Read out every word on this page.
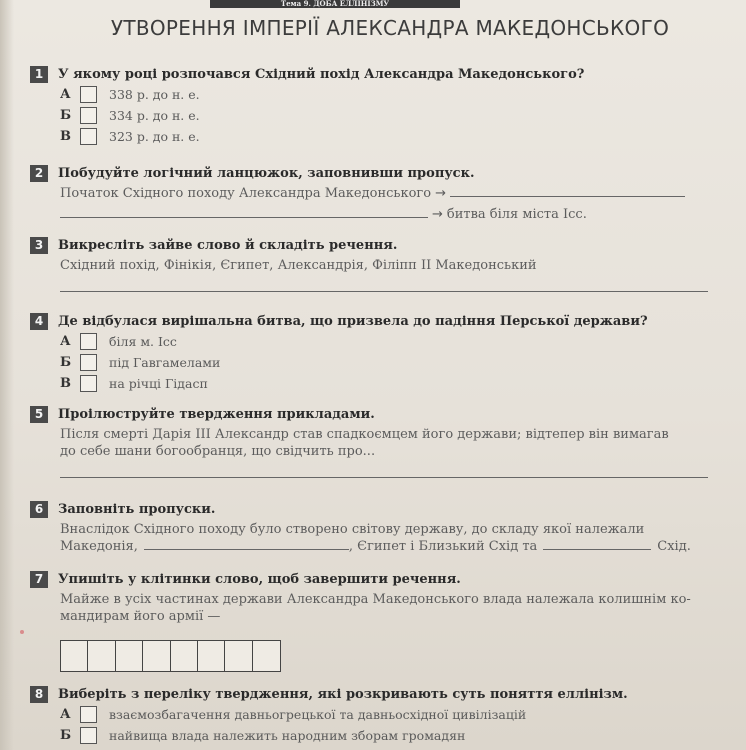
Тема 9. ДОБА ЕЛЛІНІЗМУ
УТВОРЕННЯ ІМПЕРІЇ АЛЕКСАНДРА МАКЕДОНСЬКОГО
1	У якому році розпочався Східний похід Александра Македонського?
А	338 р. до н. е.
Б	334 р. до н. е.
В	323 р. до н. е.
2	Побудуйте логічний ланцюжок, заповнивши пропуск.
Початок Східного походу Александра Македонського →
→ битва біля міста Ісс.
3	Викресліть зайве слово й складіть речення.
Східний похід, Фінікія, Єгипет, Александрія, Філіпп II Македонський
4	Де відбулася вирішальна битва, що призвела до падіння Перської держави?
А	біля м. Ісс
Б	під Гавгамелами
В	на річці Гідасп
5	Проілюструйте твердження прикладами.
Після смерті Дарія III Александр став спадкоємцем його держави; відтепер він вимагав
до себе шани богообранця, що свідчить про...
6	Заповніть пропуски.
Внаслідок Східного походу було створено світову державу, до складу якої належали
Македонія,	, Єгипет і Близький Схід та	Схід.
7	Упишіть у клітинки слово, щоб завершити речення.
Майже в усіх частинах держави Александра Македонського влада належала колишнім ко-
мандирам його армії —
8	Виберіть з переліку твердження, які розкривають суть поняття еллінізм.
А	взаємозбагачення давньогрецької та давньосхідної цивілізацій
Б	найвища влада належить народним зборам громадян
